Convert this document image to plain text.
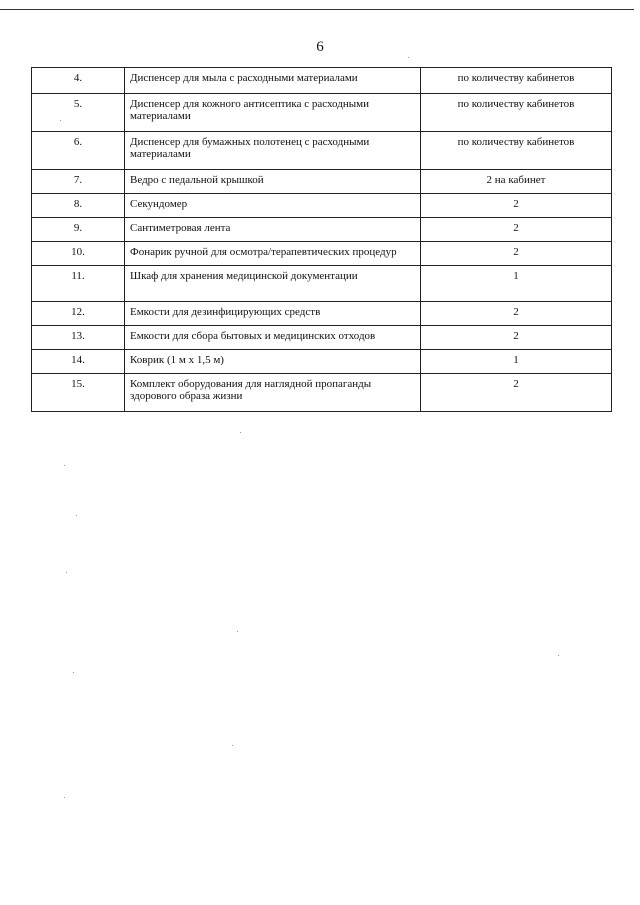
6
4.	Диспенсер для мыла с расходными материалами	по количеству кабинетов
5.	Диспенсер для кожного антисептика с расходными материалами	по количеству кабинетов
6.	Диспенсер для бумажных полотенец с расходными материалами	по количеству кабинетов
7.	Ведро с педальной крышкой	2 на кабинет
8.	Секундомер	2
9.	Сантиметровая лента	2
10.	Фонарик ручной для осмотра/терапевтических процедур	2
11.	Шкаф для хранения медицинской документации	1
12.	Емкости для дезинфицирующих средств	2
13.	Емкости для сбора бытовых и медицинских отходов	2
14.	Коврик (1 м х 1,5 м)	1
15.	Комплект оборудования для наглядной пропаганды здорового образа жизни	2
